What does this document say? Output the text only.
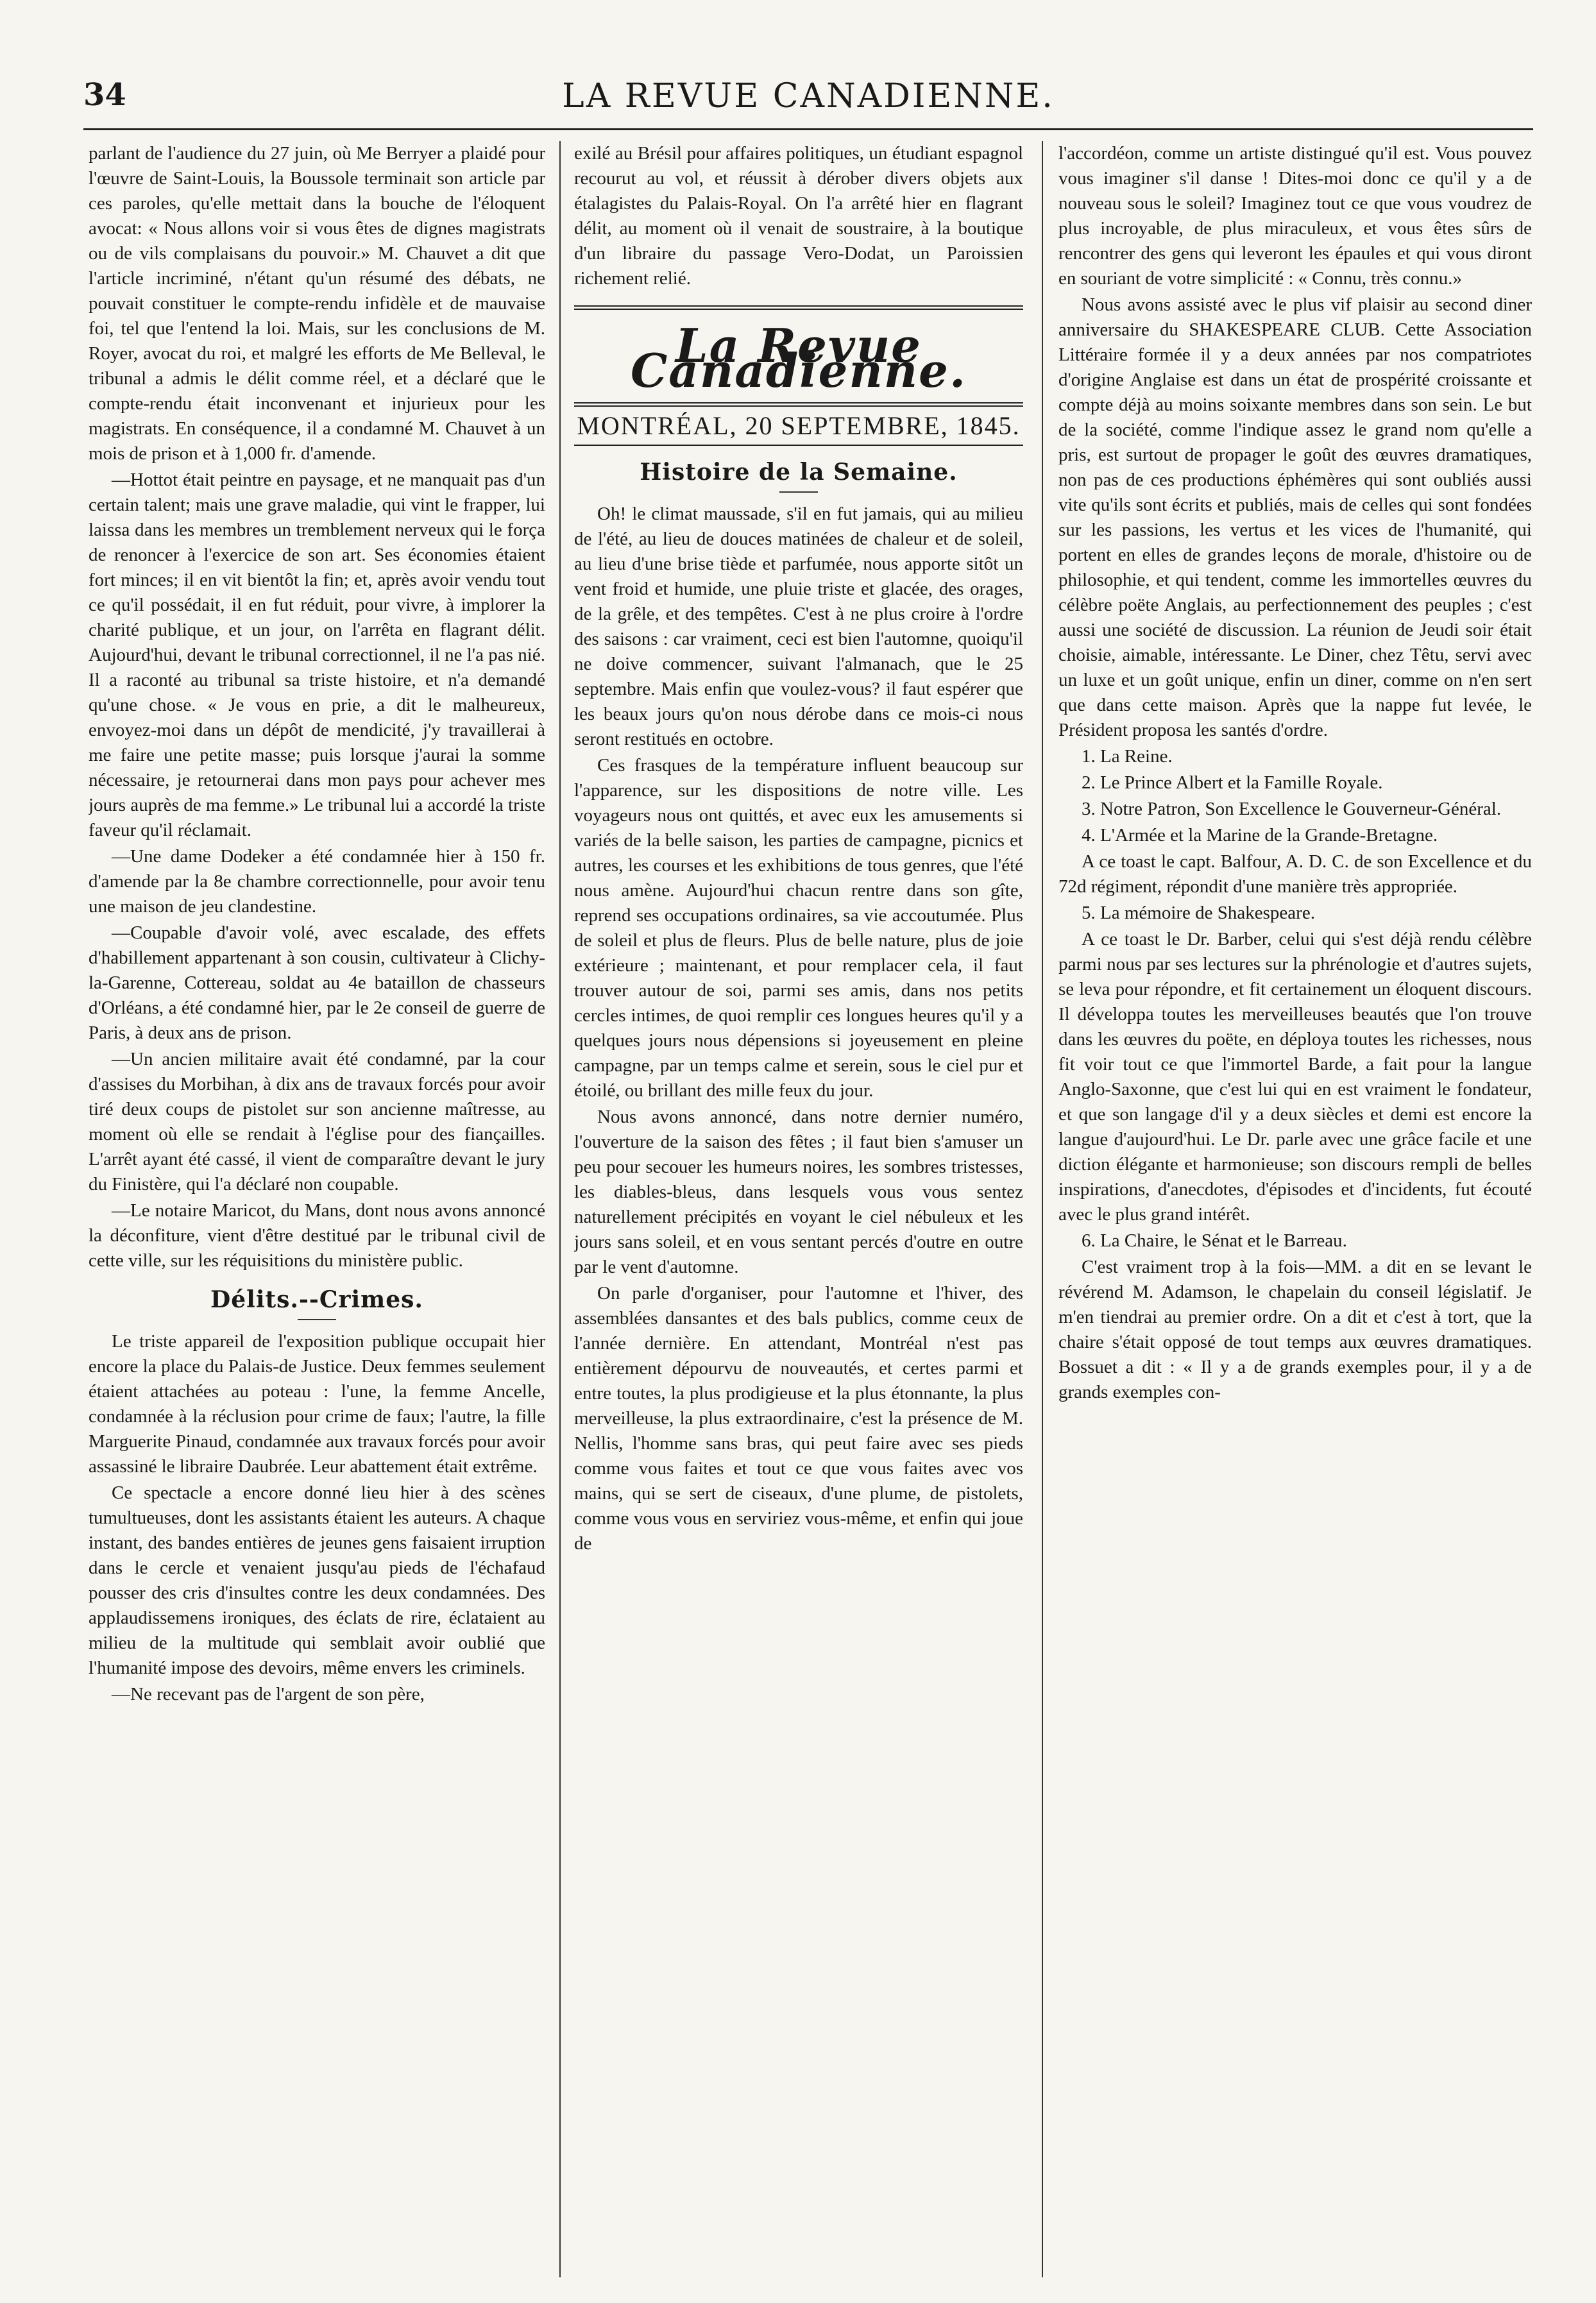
34	LA REVUE CANADIENNE.

parlant de l'audience du 27 juin, où Me Berryer a plaidé pour l'œuvre de Saint-Louis, la Boussole terminait son article par ces paroles, qu'elle mettait dans la bouche de l'éloquent avocat: « Nous allons voir si vous êtes de dignes magistrats ou de vils complaisans du pouvoir.» M. Chauvet a dit que l'article incriminé, n'étant qu'un résumé des débats, ne pouvait constituer le compte-rendu infidèle et de mauvaise foi, tel que l'entend la loi. Mais, sur les conclusions de M. Royer, avocat du roi, et malgré les efforts de Me Belleval, le tribunal a admis le délit comme réel, et a déclaré que le compte-rendu était inconvenant et injurieux pour les magistrats. En conséquence, il a condamné M. Chauvet à un mois de prison et à 1,000 fr. d'amende.

—Hottot était peintre en paysage, et ne manquait pas d'un certain talent; mais une grave maladie, qui vint le frapper, lui laissa dans les membres un tremblement nerveux qui le força de renoncer à l'exercice de son art. Ses économies étaient fort minces; il en vit bientôt la fin; et, après avoir vendu tout ce qu'il possédait, il en fut réduit, pour vivre, à implorer la charité publique, et un jour, on l'arrêta en flagrant délit. Aujourd'hui, devant le tribunal correctionnel, il ne l'a pas nié. Il a raconté au tribunal sa triste histoire, et n'a demandé qu'une chose. « Je vous en prie, a dit le malheureux, envoyez-moi dans un dépôt de mendicité, j'y travaillerai à me faire une petite masse; puis lorsque j'aurai la somme nécessaire, je retournerai dans mon pays pour achever mes jours auprès de ma femme.» Le tribunal lui a accordé la triste faveur qu'il réclamait.

—Une dame Dodeker a été condamnée hier à 150 fr. d'amende par la 8e chambre correctionnelle, pour avoir tenu une maison de jeu clandestine.

—Coupable d'avoir volé, avec escalade, des effets d'habillement appartenant à son cousin, cultivateur à Clichy-la-Garenne, Cottereau, soldat au 4e bataillon de chasseurs d'Orléans, a été condamné hier, par le 2e conseil de guerre de Paris, à deux ans de prison.

—Un ancien militaire avait été condamné, par la cour d'assises du Morbihan, à dix ans de travaux forcés pour avoir tiré deux coups de pistolet sur son ancienne maîtresse, au moment où elle se rendait à l'église pour des fiançailles. L'arrêt ayant été cassé, il vient de comparaître devant le jury du Finistère, qui l'a déclaré non coupable.

—Le notaire Maricot, du Mans, dont nous avons annoncé la déconfiture, vient d'être destitué par le tribunal civil de cette ville, sur les réquisitions du ministère public.

Délits.--Crimes.

Le triste appareil de l'exposition publique occupait hier encore la place du Palais-de Justice. Deux femmes seulement étaient attachées au poteau : l'une, la femme Ancelle, condamnée à la réclusion pour crime de faux; l'autre, la fille Marguerite Pinaud, condamnée aux travaux forcés pour avoir assassiné le libraire Daubrée. Leur abattement était extrême.

Ce spectacle a encore donné lieu hier à des scènes tumultueuses, dont les assistants étaient les auteurs. A chaque instant, des bandes entières de jeunes gens faisaient irruption dans le cercle et venaient jusqu'au pieds de l'échafaud pousser des cris d'insultes contre les deux condamnées. Des applaudissemens ironiques, des éclats de rire, éclataient au milieu de la multitude qui semblait avoir oublié que l'humanité impose des devoirs, même envers les criminels.

—Ne recevant pas de l'argent de son père,

exilé au Brésil pour affaires politiques, un étudiant espagnol recourut au vol, et réussit à dérober divers objets aux étalagistes du Palais-Royal. On l'a arrêté hier en flagrant délit, au moment où il venait de soustraire, à la boutique d'un libraire du passage Vero-Dodat, un Paroissien richement relié.

La Revue Canadienne.
MONTRÉAL, 20 SEPTEMBRE, 1845.
Histoire de la Semaine.

Oh! le climat maussade, s'il en fut jamais, qui au milieu de l'été, au lieu de douces matinées de chaleur et de soleil, au lieu d'une brise tiède et parfumée, nous apporte sitôt un vent froid et humide, une pluie triste et glacée, des orages, de la grêle, et des tempêtes. C'est à ne plus croire à l'ordre des saisons : car vraiment, ceci est bien l'automne, quoiqu'il ne doive commencer, suivant l'almanach, que le 25 septembre. Mais enfin que voulez-vous? il faut espérer que les beaux jours qu'on nous dérobe dans ce mois-ci nous seront restitués en octobre.

Ces frasques de la température influent beaucoup sur l'apparence, sur les dispositions de notre ville. Les voyageurs nous ont quittés, et avec eux les amusements si variés de la belle saison, les parties de campagne, picnics et autres, les courses et les exhibitions de tous genres, que l'été nous amène. Aujourd'hui chacun rentre dans son gîte, reprend ses occupations ordinaires, sa vie accoutumée. Plus de soleil et plus de fleurs. Plus de belle nature, plus de joie extérieure ; maintenant, et pour remplacer cela, il faut trouver autour de soi, parmi ses amis, dans nos petits cercles intimes, de quoi remplir ces longues heures qu'il y a quelques jours nous dépensions si joyeusement en pleine campagne, par un temps calme et serein, sous le ciel pur et étoilé, ou brillant des mille feux du jour.

Nous avons annoncé, dans notre dernier numéro, l'ouverture de la saison des fêtes ; il faut bien s'amuser un peu pour secouer les humeurs noires, les sombres tristesses, les diables-bleus, dans lesquels vous vous sentez naturellement précipités en voyant le ciel nébuleux et les jours sans soleil, et en vous sentant percés d'outre en outre par le vent d'automne.

On parle d'organiser, pour l'automne et l'hiver, des assemblées dansantes et des bals publics, comme ceux de l'année dernière. En attendant, Montréal n'est pas entièrement dépourvu de nouveautés, et certes parmi et entre toutes, la plus prodigieuse et la plus étonnante, la plus merveilleuse, la plus extraordinaire, c'est la présence de M. Nellis, l'homme sans bras, qui peut faire avec ses pieds comme vous faites et tout ce que vous faites avec vos mains, qui se sert de ciseaux, d'une plume, de pistolets, comme vous vous en serviriez vous-même, et enfin qui joue de

l'accordéon, comme un artiste distingué qu'il est. Vous pouvez vous imaginer s'il danse ! Dites-moi donc ce qu'il y a de nouveau sous le soleil? Imaginez tout ce que vous voudrez de plus incroyable, de plus miraculeux, et vous êtes sûrs de rencontrer des gens qui leveront les épaules et qui vous diront en souriant de votre simplicité : « Connu, très connu.»

Nous avons assisté avec le plus vif plaisir au second diner anniversaire du SHAKESPEARE CLUB. Cette Association Littéraire formée il y a deux années par nos compatriotes d'origine Anglaise est dans un état de prospérité croissante et compte déjà au moins soixante membres dans son sein. Le but de la société, comme l'indique assez le grand nom qu'elle a pris, est surtout de propager le goût des œuvres dramatiques, non pas de ces productions éphémères qui sont oubliés aussi vite qu'ils sont écrits et publiés, mais de celles qui sont fondées sur les passions, les vertus et les vices de l'humanité, qui portent en elles de grandes leçons de morale, d'histoire ou de philosophie, et qui tendent, comme les immortelles œuvres du célèbre poëte Anglais, au perfectionnement des peuples ; c'est aussi une société de discussion. La réunion de Jeudi soir était choisie, aimable, intéressante. Le Diner, chez Têtu, servi avec un luxe et un goût unique, enfin un diner, comme on n'en sert que dans cette maison. Après que la nappe fut levée, le Président proposa les santés d'ordre.

1. La Reine.

2. Le Prince Albert et la Famille Royale.

3. Notre Patron, Son Excellence le Gouverneur-Général.

4. L'Armée et la Marine de la Grande-Bretagne.

A ce toast le capt. Balfour, A. D. C. de son Excellence et du 72d régiment, répondit d'une manière très appropriée.

5. La mémoire de Shakespeare.

A ce toast le Dr. Barber, celui qui s'est déjà rendu célèbre parmi nous par ses lectures sur la phrénologie et d'autres sujets, se leva pour répondre, et fit certainement un éloquent discours. Il développa toutes les merveilleuses beautés que l'on trouve dans les œuvres du poëte, en déploya toutes les richesses, nous fit voir tout ce que l'immortel Barde, a fait pour la langue Anglo-Saxonne, que c'est lui qui en est vraiment le fondateur, et que son langage d'il y a deux siècles et demi est encore la langue d'aujourd'hui. Le Dr. parle avec une grâce facile et une diction élégante et harmonieuse; son discours rempli de belles inspirations, d'anecdotes, d'épisodes et d'incidents, fut écouté avec le plus grand intérêt.

6. La Chaire, le Sénat et le Barreau.

C'est vraiment trop à la fois—MM. a dit en se levant le révérend M. Adamson, le chapelain du conseil législatif. Je m'en tiendrai au premier ordre. On a dit et c'est à tort, que la chaire s'était opposé de tout temps aux œuvres dramatiques. Bossuet a dit : « Il y a de grands exemples pour, il y a de grands exemples con-
